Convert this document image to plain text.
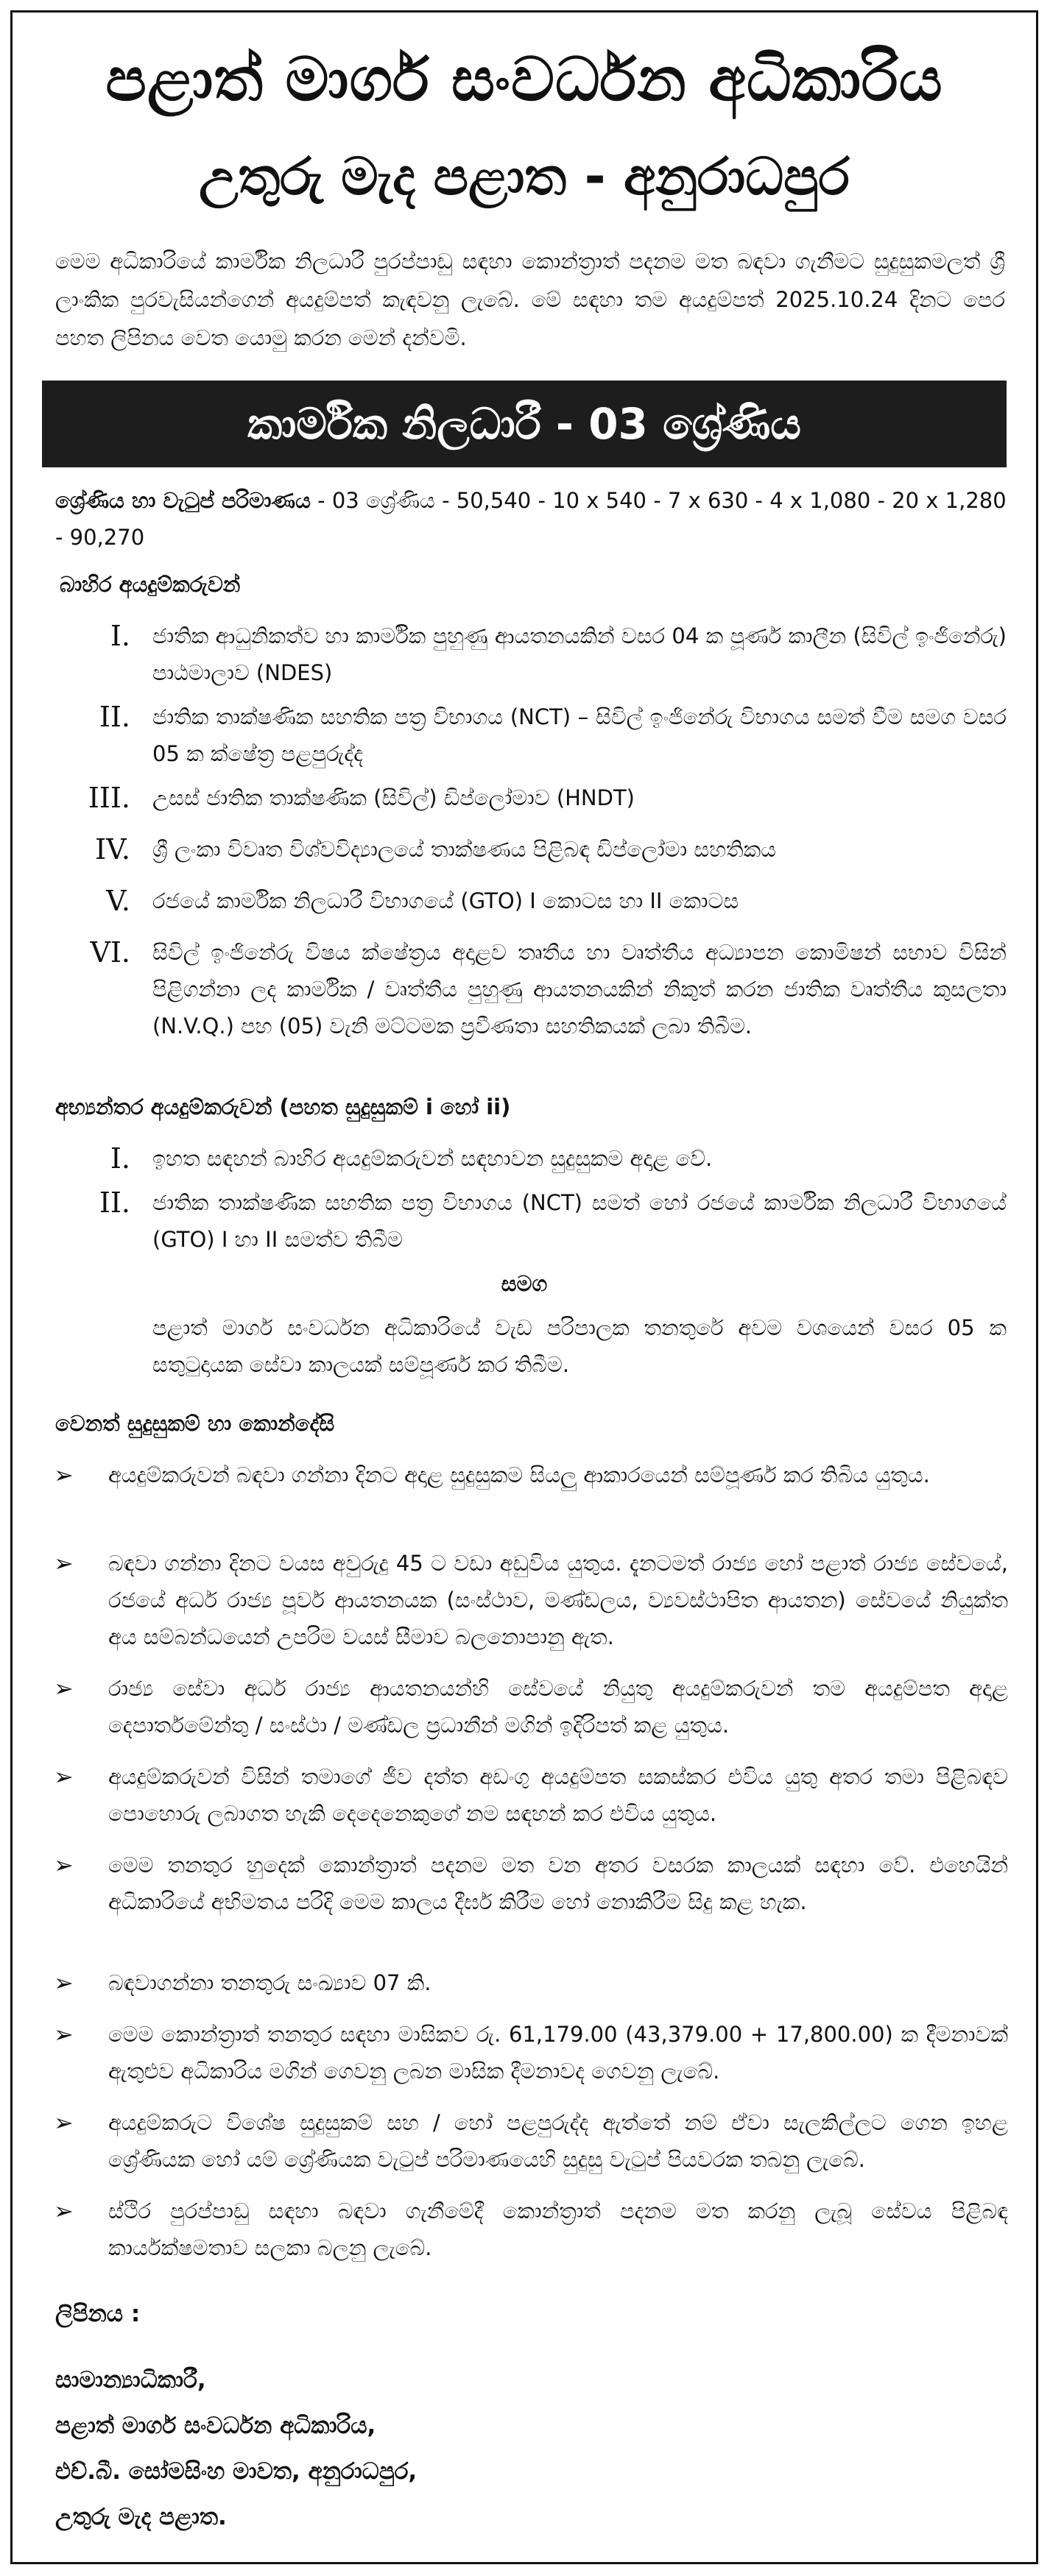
පළාත් මාර්ග සංවර්ධන අධිකාරිය
උතුරු මැද පළාත - අනුරාධපුර
මෙම අධිකාරියේ කාර්මික නිලධාරී පුරප්පාඩු සඳහා කොන්ත්‍රාත් පදනම මත බඳවා ගැනීමට සුදුසුකමලත් ශ්‍රී ලාංකික පුරවැසියන්ගෙන් අයදුම්පත් කැඳවනු ලැබේ. මේ සඳහා තම අයදුම්පත් 2025.10.24 දිනට පෙර පහත ලිපිනය වෙත යොමු කරන මෙන් දන්වමි.
කාර්මික නිලධාරී - 03 ශ්‍රේණිය
ශ්‍රේණිය හා වැටුප් පරිමාණය - 03 ශ්‍රේණිය - 50,540 - 10 x 540 - 7 x 630 - 4 x 1,080 - 20 x 1,280 - 90,270
බාහිර අයදුම්කරුවන්
I. ජාතික ආධුනිකත්ව හා කාර්මික පුහුණු ආයතනයකින් වසර 04 ක පූර්ණ කාලීන (සිවිල් ඉංජිනේරු) පාඨමාලාව (NDES)
II. ජාතික තාක්ෂණික සහතික පත්‍ර විභාගය (NCT) – සිවිල් ඉංජිනේරු විභාගය සමත් වීම සමග වසර 05 ක ක්ෂේත්‍ර පළපුරුද්ද
III. උසස් ජාතික තාක්ෂණික (සිවිල්) ඩිප්ලෝමාව (HNDT)
IV. ශ්‍රී ලංකා විවෘත විශ්වවිද්‍යාලයේ තාක්ෂණය පිළිබඳ ඩිප්ලෝමා සහතිකය
V. රජයේ කාර්මික නිලධාරී විභාගයේ (GTO) I කොටස හා II කොටස
VI. සිවිල් ඉංජිනේරු විෂය ක්ෂේත්‍රය අදාළව තෘතීය හා වෘත්තීය අධ්‍යාපන කොමිෂන් සභාව විසින් පිළිගන්නා ලද කාර්මික / වෘත්තීය පුහුණු ආයතනයකින් නිකුත් කරන ජාතික වෘත්තීය කුසලතා (N.V.Q.) පහ (05) වැනි මට්ටමක ප්‍රවීණතා සහතිකයක් ලබා තිබීම.
අභ්‍යන්තර අයදුම්කරුවන් (පහත සුදුසුකම් i හෝ ii)
I. ඉහත සඳහන් බාහිර අයදුම්කරුවන් සඳහාවන සුදුසුකම අදාළ වේ.
II. ජාතික තාක්ෂණික සහතික පත්‍ර විභාගය (NCT) සමත් හෝ රජයේ කාර්මික නිලධාරී විභාගයේ (GTO) I හා II සමත්ව තිබීම
සමග
පළාත් මාර්ග සංවර්ධන අධිකාරියේ වැඩ පරිපාලක තනතුරේ අවම වශයෙන් වසර 05 ක සතුටුදායක සේවා කාලයක් සම්පූර්ණ කර තිබීම.
වෙනත් සුදුසුකම් හා කොන්දේසි
➢	අයදුම්කරුවන් බඳවා ගන්නා දිනට අදාළ සුදුසුකම සියලු ආකාරයෙන් සම්පූර්ණ කර තිබිය යුතුය.
➢	බඳවා ගන්නා දිනට වයස අවුරුදු 45 ට වඩා අඩුවිය යුතුය. දැනටමත් රාජ්‍ය හෝ පළාත් රාජ්‍ය සේවයේ, රජයේ අර්ධ රාජ්‍ය පූර්ව ආයතනයක (සංස්ථාව, මණ්ඩලය, ව්‍යවස්ථාපිත ආයතන) සේවයේ නියුක්ත අය සම්බන්ධයෙන් උපරිම වයස් සීමාව බලනොපානු ඇත.
➢	රාජ්‍ය සේවා අර්ධ රාජ්‍ය ආයතනයන්හි සේවයේ නියුතු අයදුම්කරුවන් තම අයදුම්පත අදාළ දෙපාර්තමේන්තු / සංස්ථා / මණ්ඩල ප්‍රධානීන් මගින් ඉදිරිපත් කළ යුතුය.
➢	අයදුම්කරුවන් විසින් තමාගේ ජීව දත්ත අඩංගු අයදුම්පත සකස්කර එවිය යුතු අතර තමා පිළිබඳව පොහොරු ලබාගත හැකි දෙදෙනෙකුගේ නම සඳහන් කර එවිය යුතුය.
➢	මෙම තනතුර හුදෙක් කොන්ත්‍රාත් පදනම මත වන අතර වසරක කාලයක් සඳහා වේ. එහෙයින් අධිකාරියේ අභිමතය පරිදි මෙම කාලය දීර්ඝ කිරීම හෝ නොකිරීම සිදු කළ හැක.
➢	බඳවාගන්නා තනතුරු සංඛ්‍යාව 07 කි.
➢	මෙම කොන්ත්‍රාත් තනතුර සඳහා මාසිකව රු. 61,179.00 (43,379.00 + 17,800.00) ක දීමනාවක් ඇතුළුව අධිකාරිය මගින් ගෙවනු ලබන මාසික දීමනාවද ගෙවනු ලැබේ.
➢	අයදුම්කරුට විශේෂ සුදුසුකම් සහ / හෝ පළපුරුද්ද ඇත්තේ නම් ඒවා සැලකිල්ලට ගෙන ඉහළ ශ්‍රේණියක හෝ යම් ශ්‍රේණියක වැටුප් පරිමාණයෙහි සුදුසු වැටුප් පියවරක තබනු ලැබේ.
➢	ස්ථිර පුරප්පාඩු සඳහා බඳවා ගැනීමේදී කොන්ත්‍රාත් පදනම මත කරනු ලැබූ සේවය පිළිබඳ කාර්යක්ෂමතාව සලකා බලනු ලැබේ.
ලිපිනය :
සාමාන්‍යාධිකාරී,
පළාත් මාර්ග සංවර්ධන අධිකාරිය,
එච්.බී. සෝමසිංහ මාවත, අනුරාධපුර,
උතුරු මැද පළාත.
